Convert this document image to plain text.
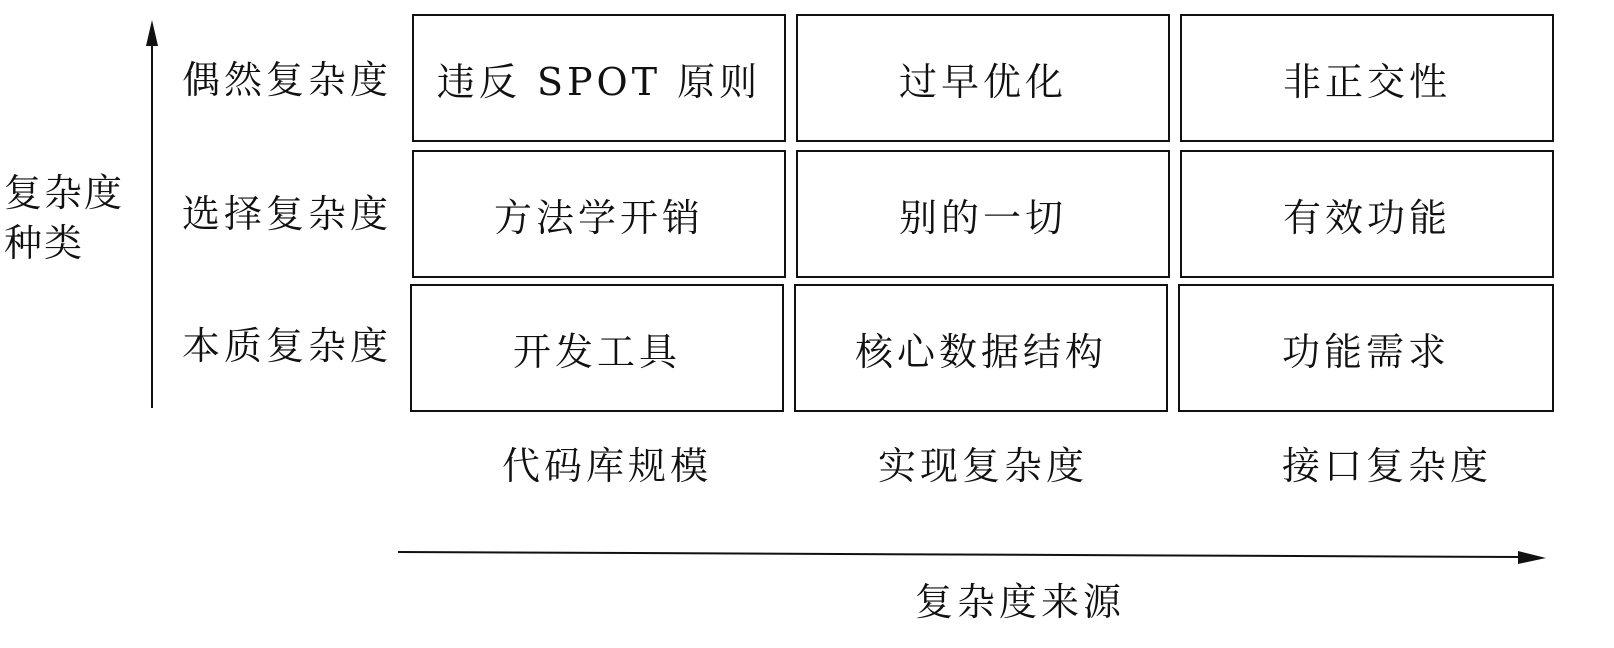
复杂度
种类
偶然复杂度
选择复杂度
本质复杂度
违反 SPOT 原则	过早优化	非正交性
方法学开销	别的一切	有效功能
开发工具	核心数据结构	功能需求
代码库规模	实现复杂度	接口复杂度
复杂度来源
